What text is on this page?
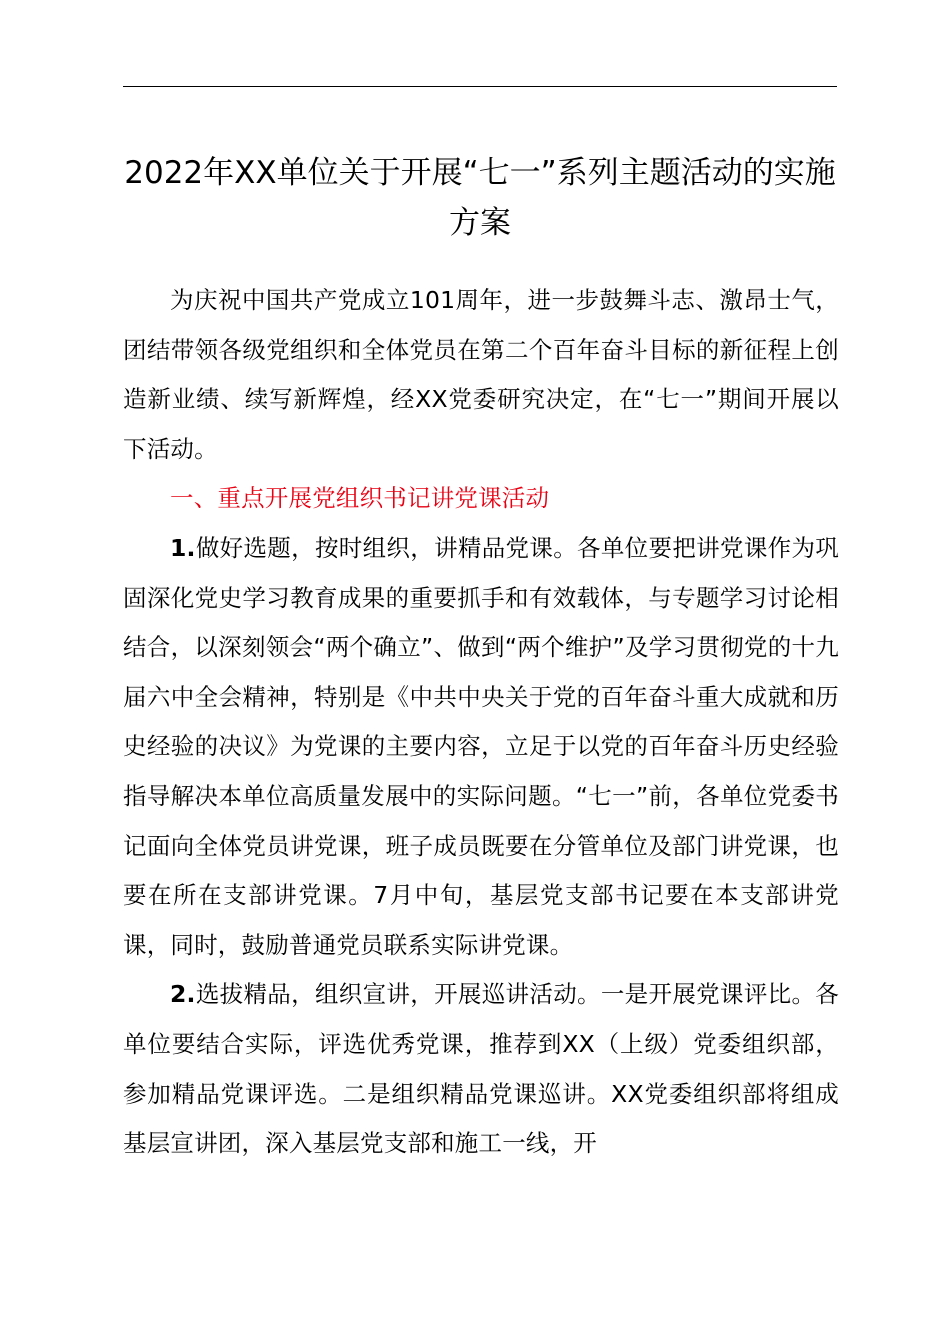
2022年XX单位关于开展“七一”系列主题活动的实施方案

为庆祝中国共产党成立101周年，进一步鼓舞斗志、激昂士气，团结带领各级党组织和全体党员在第二个百年奋斗目标的新征程上创造新业绩、续写新辉煌，经XX党委研究决定，在“七一”期间开展以下活动。

一、重点开展党组织书记讲党课活动

1.做好选题，按时组织，讲精品党课。各单位要把讲党课作为巩固深化党史学习教育成果的重要抓手和有效载体，与专题学习讨论相结合，以深刻领会“两个确立”、做到“两个维护”及学习贯彻党的十九届六中全会精神，特别是《中共中央关于党的百年奋斗重大成就和历史经验的决议》为党课的主要内容，立足于以党的百年奋斗历史经验指导解决本单位高质量发展中的实际问题。“七一”前，各单位党委书记面向全体党员讲党课，班子成员既要在分管单位及部门讲党课，也要在所在支部讲党课。7月中旬，基层党支部书记要在本支部讲党课，同时，鼓励普通党员联系实际讲党课。

2.选拔精品，组织宣讲，开展巡讲活动。一是开展党课评比。各单位要结合实际，评选优秀党课，推荐到XX（上级）党委组织部，参加精品党课评选。二是组织精品党课巡讲。XX党委组织部将组成基层宣讲团，深入基层党支部和施工一线，开
